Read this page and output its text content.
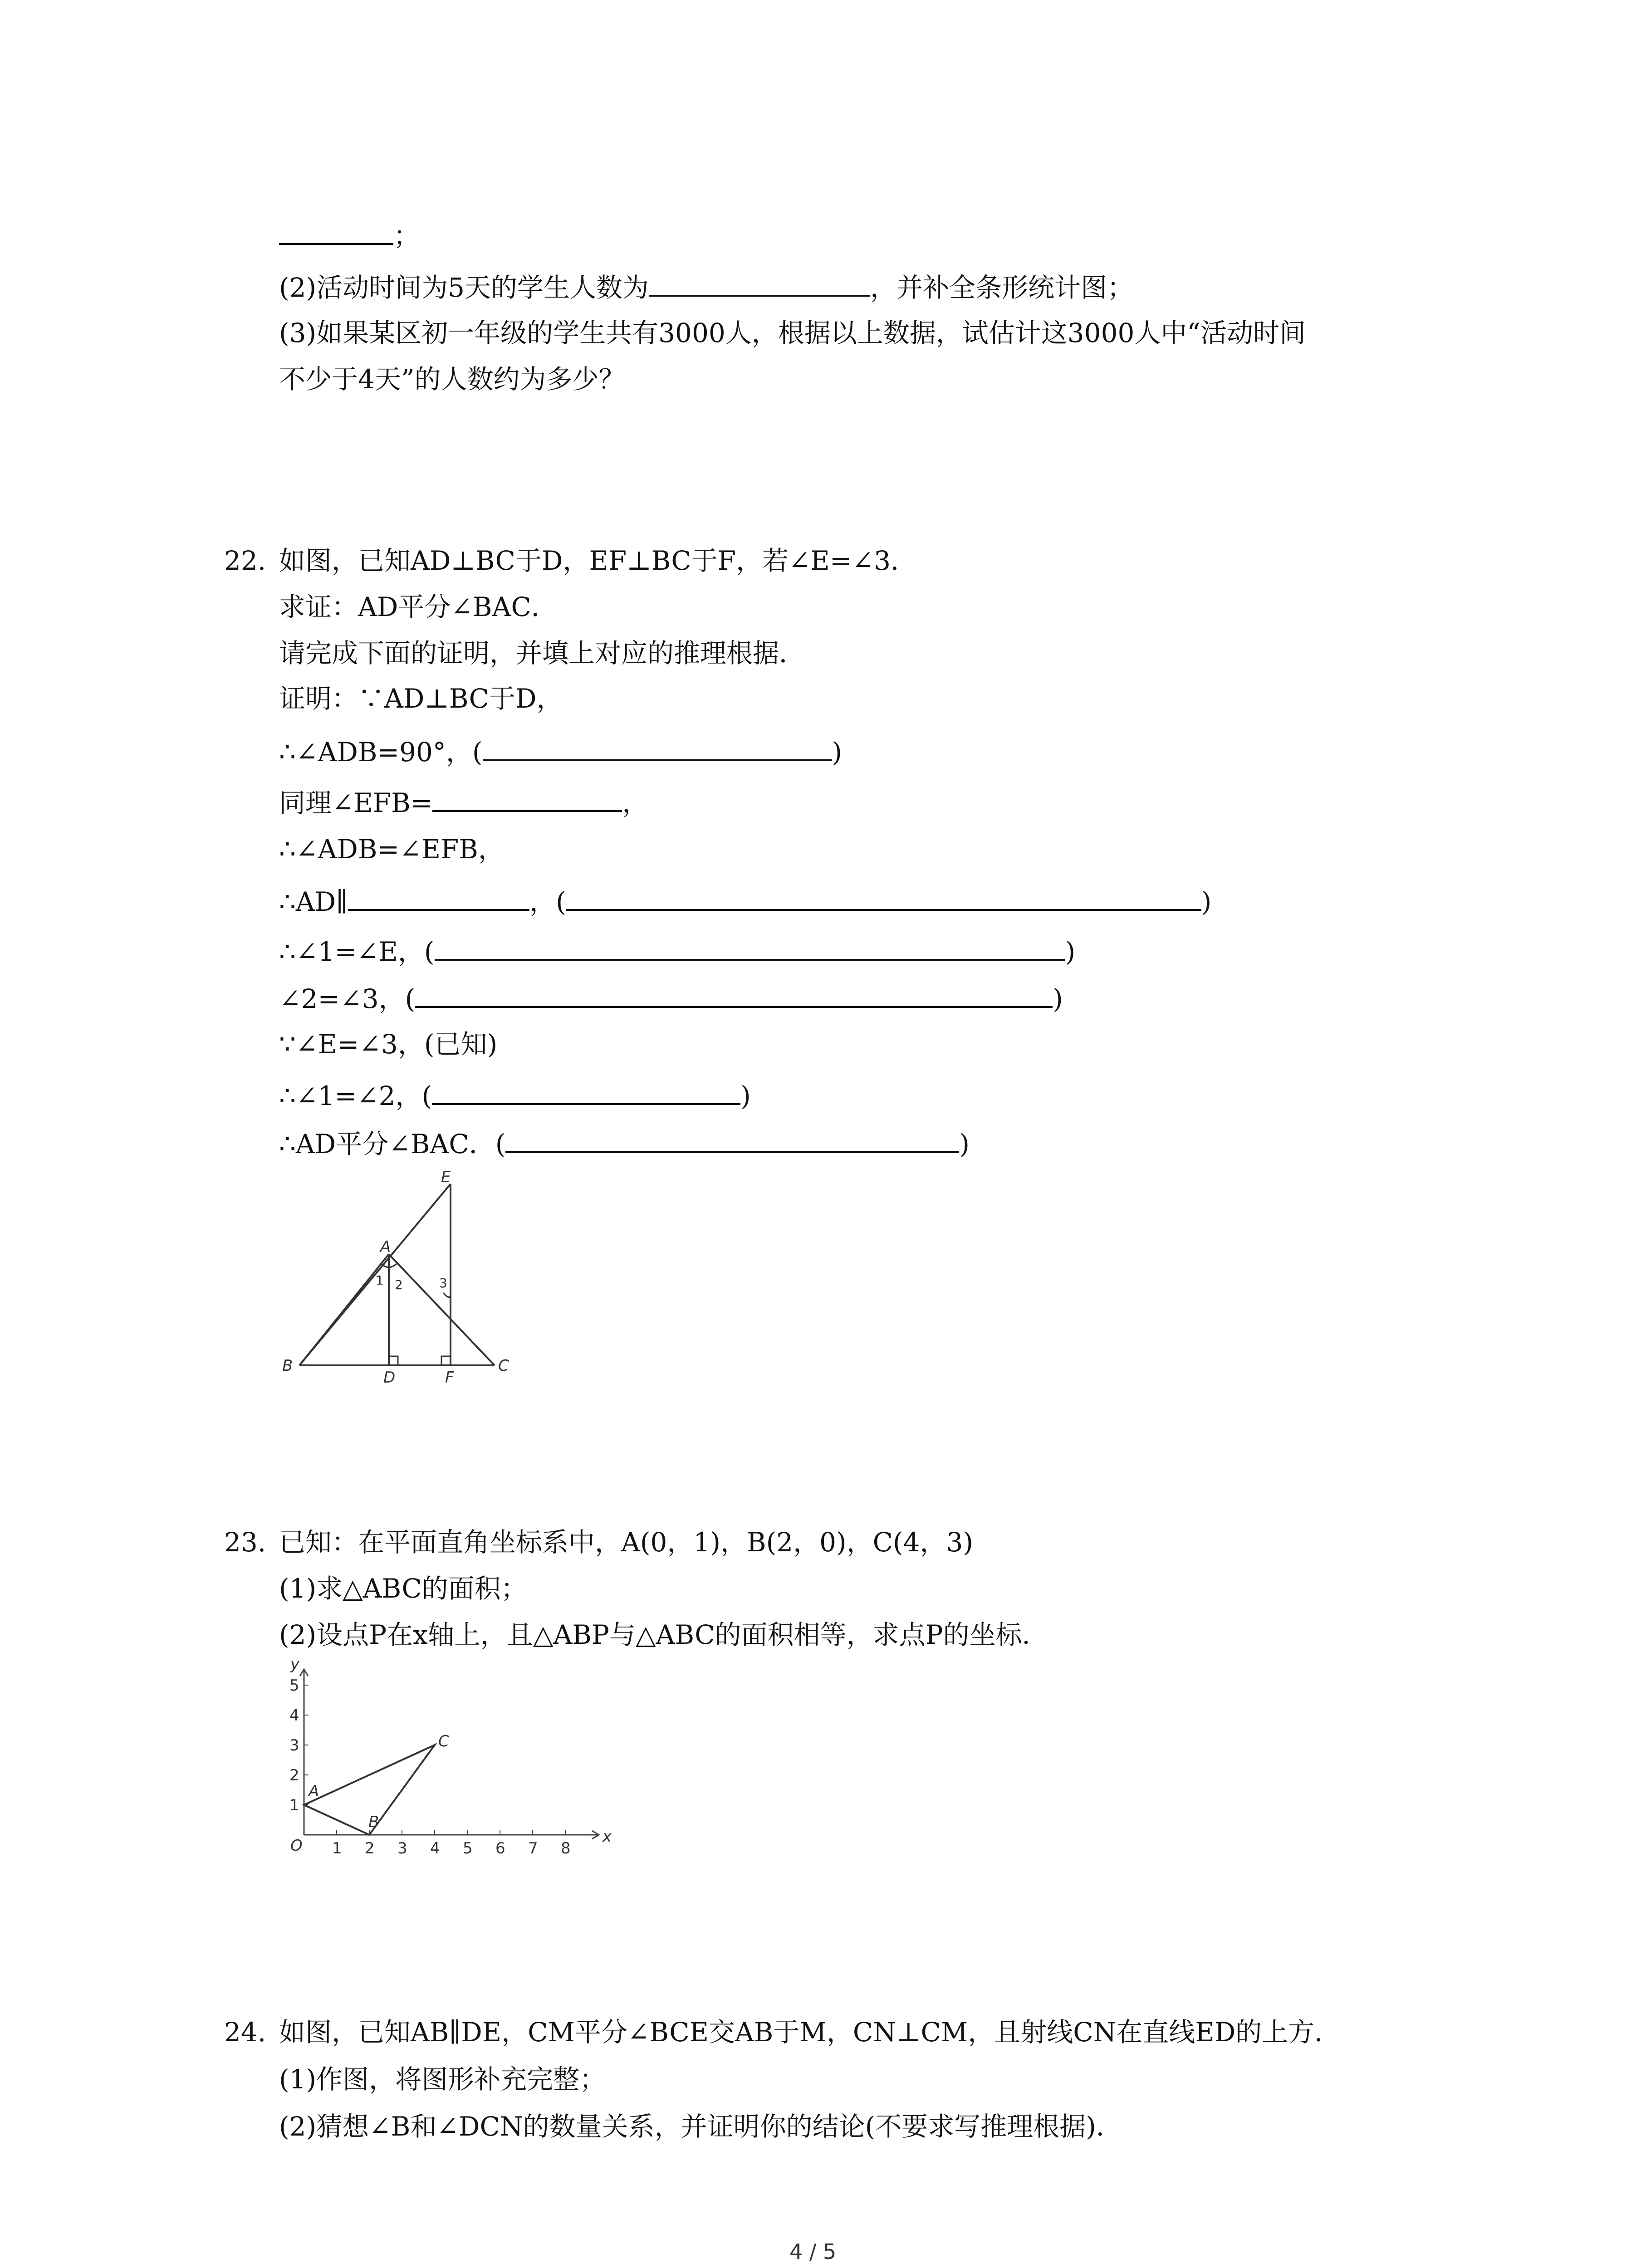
；
(2)活动时间为5天的学生人数为	，并补全条形统计图；
(3)如果某区初一年级的学生共有3000人，根据以上数据，试估计这3000人中“活动时间
不少于4天”的人数约为多少？
22. 如图，已知AD⊥BC于D，EF⊥BC于F，若∠E=∠3．
求证：AD平分∠BAC．
请完成下面的证明，并填上对应的推理根据．
证明：∵AD⊥BC于D，
∴∠ADB=90°，(	)
同理∠EFB=	，
∴∠ADB=∠EFB，
∴AD∥	，(	)
∴∠1=∠E，(	)
∠2=∠3，(	)
∵∠E=∠3，(已知)
∴∠1=∠2，(	)
∴AD平分∠BAC．(	)
E
A
B	C
D	F
1 2	3
23. 已知：在平面直角坐标系中，A(0，1)，B(2，0)，C(4，3)
(1)求△ABC的面积；
(2)设点P在x轴上，且△ABP与△ABC的面积相等，求点P的坐标．
O	x
y
1 2 3 4 5 6 7 8
1
2
3
4
5
A
B
C
24. 如图，已知AB∥DE，CM平分∠BCE交AB于M，CN⊥CM，且射线CN在直线ED的上方．
(1)作图，将图形补充完整；
(2)猜想∠B和∠DCN的数量关系，并证明你的结论(不要求写推理根据)．
4 / 5
